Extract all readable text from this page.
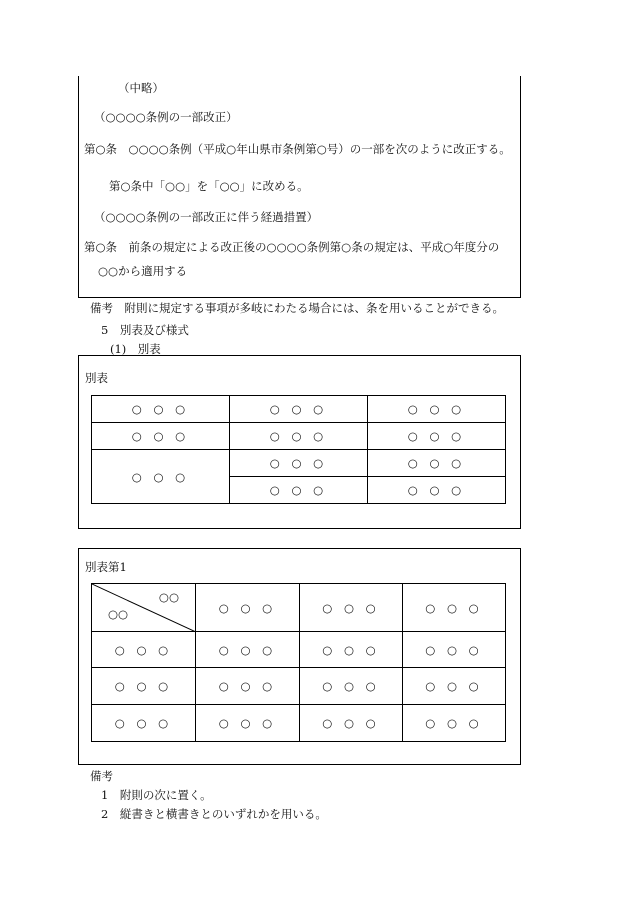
（中略）
（○○○○条例の一部改正）
第○条　○○○○条例（平成○年山県市条例第○号）の一部を次のように改正する。
第○条中「○○」を「○○」に改める。
（○○○○条例の一部改正に伴う経過措置）
第○条　前条の規定による改正後の○○○○条例第○条の規定は、平成○年度分の
○○から適用する
備考　附則に規定する事項が多岐にわたる場合には、条を用いることができる。
5　別表及び様式
(1)　別表
別表
○ ○ ○	○ ○ ○	○ ○ ○
○ ○ ○	○ ○ ○	○ ○ ○
○ ○ ○	○ ○ ○	○ ○ ○
	○ ○ ○	○ ○ ○
別表第1
○○
○○	○ ○ ○	○ ○ ○	○ ○ ○
○ ○ ○	○ ○ ○	○ ○ ○	○ ○ ○
○ ○ ○	○ ○ ○	○ ○ ○	○ ○ ○
○ ○ ○	○ ○ ○	○ ○ ○	○ ○ ○
備考
1　附則の次に置く。
2　縦書きと横書きとのいずれかを用いる。
